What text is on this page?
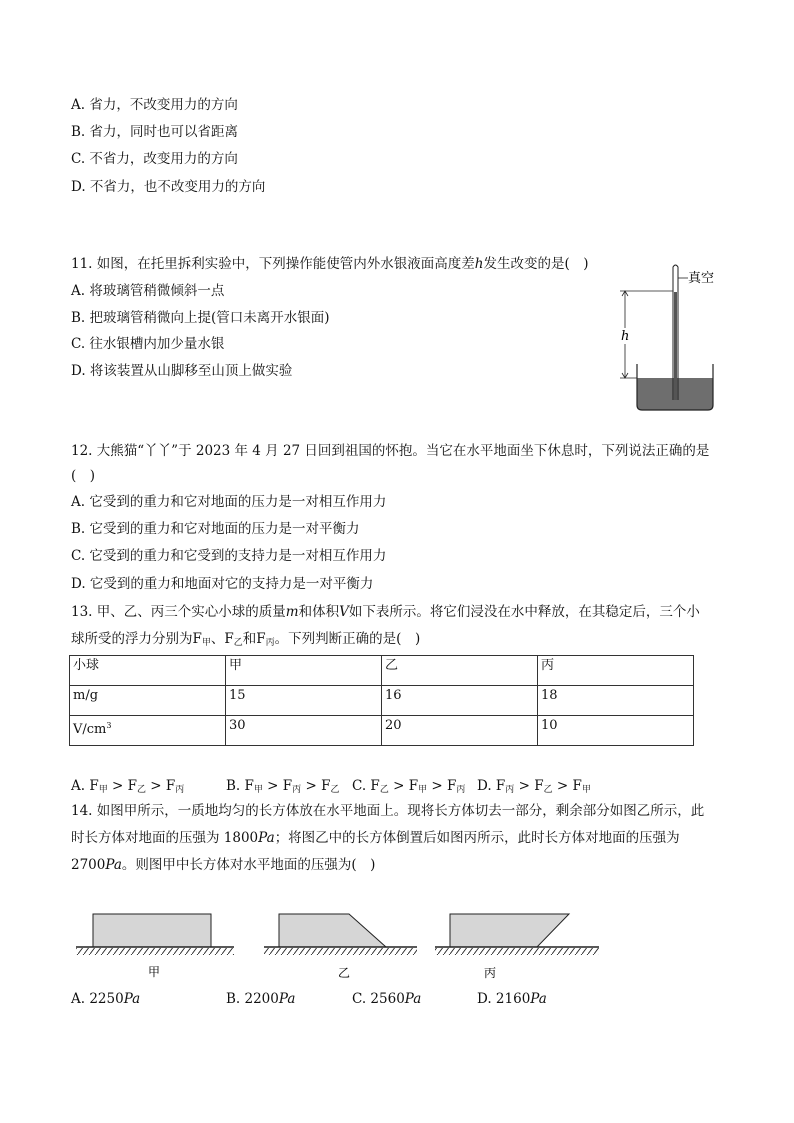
A. 省力，不改变用力的方向
B. 省力，同时也可以省距离
C. 不省力，改变用力的方向
D. 不省力，也不改变用力的方向
11. 如图，在托里拆利实验中，下列操作能使管内外水银液面高度差h发生改变的是(　)
A. 将玻璃管稍微倾斜一点
B. 把玻璃管稍微向上提(管口未离开水银面)
C. 往水银槽内加少量水银
D. 将该装置从山脚移至山顶上做实验
真空
h
12. 大熊猫“丫丫”于 2023 年 4 月 27 日回到祖国的怀抱。当它在水平地面坐下休息时，下列说法正确的是
(　)
A. 它受到的重力和它对地面的压力是一对相互作用力
B. 它受到的重力和它对地面的压力是一对平衡力
C. 它受到的重力和它受到的支持力是一对相互作用力
D. 它受到的重力和地面对它的支持力是一对平衡力
13. 甲、乙、丙三个实心小球的质量m和体积V如下表所示。将它们浸没在水中释放，在其稳定后，三个小
球所受的浮力分别为$F_甲$、$F_乙$和$F_丙$。下列判断正确的是(　)
小球	甲	乙	丙
m/g	15	16	18
$V/cm^3$	30	20	10
A. $F_甲 > F_乙 > F_丙$	B. $F_甲 > F_丙 > F_乙$ C. $F_乙 > F_甲 > F_丙$ D. $F_丙 > F_乙 > F_甲$
14. 如图甲所示，一质地均匀的长方体放在水平地面上。现将长方体切去一部分，剩余部分如图乙所示，此
时长方体对地面的压强为 1800Pa；将图乙中的长方体倒置后如图丙所示，此时长方体对地面的压强为
2700Pa。则图甲中长方体对水平地面的压强为(　)
甲	乙	丙
A. 2250Pa	B. 2200Pa	C. 2560Pa	D. 2160Pa
